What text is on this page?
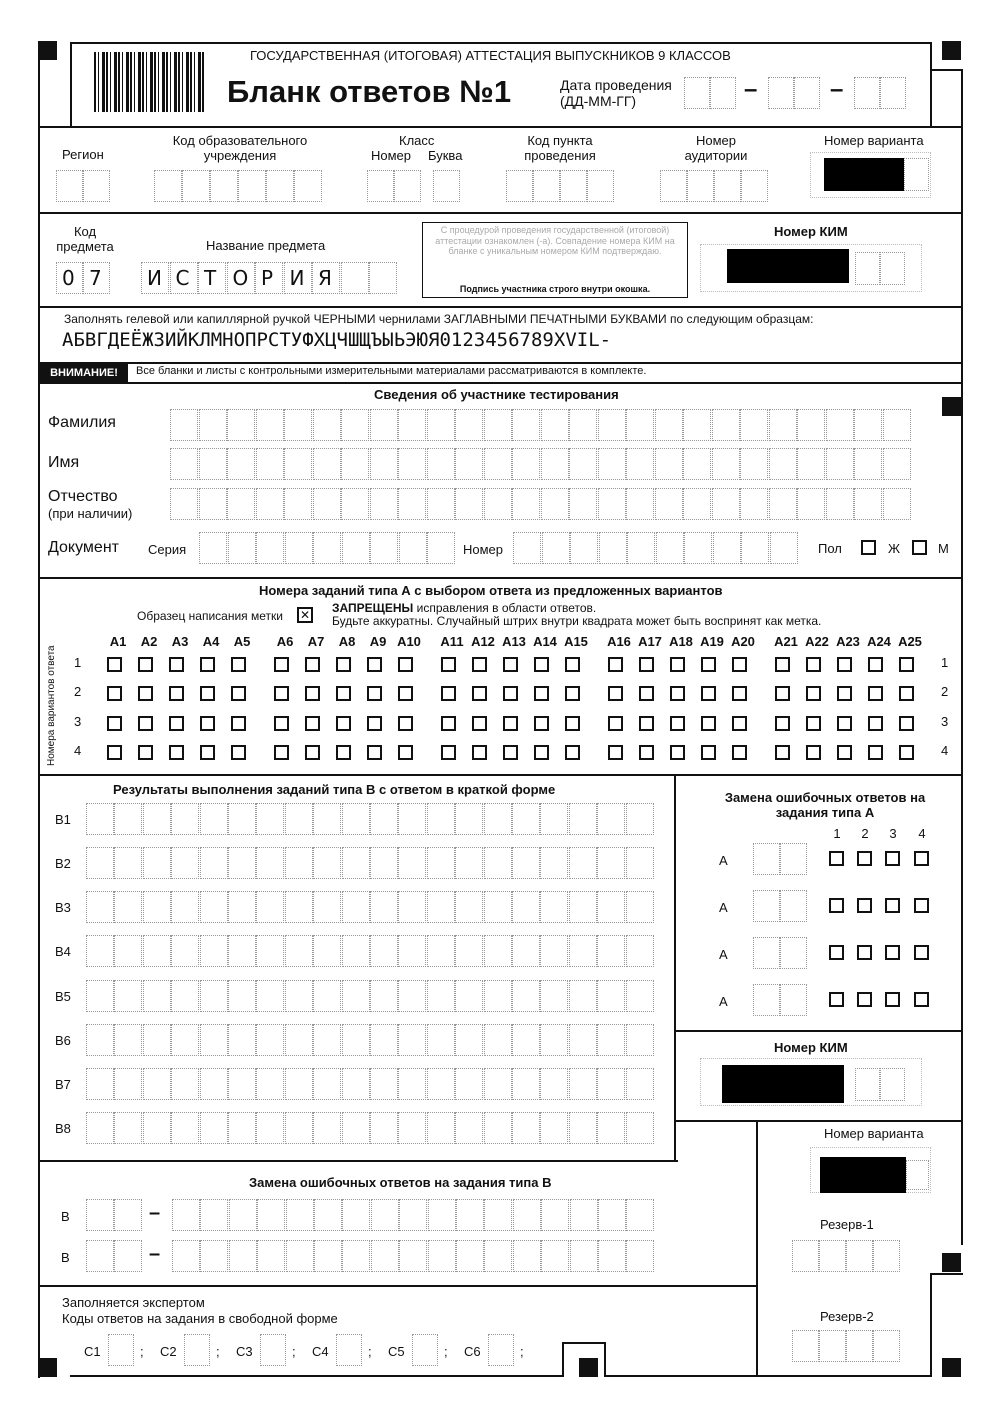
ГОСУДАРСТВЕННАЯ (ИТОГОВАЯ) АТТЕСТАЦИЯ ВЫПУСКНИКОВ 9 КЛАССОВ
Бланк ответов №1	Дата проведения
(ДД-ММ-ГГ)	–	–
Регион
Код образовательного учреждения
Класс
Номер Буква
Код пункта проведения
Номер аудитории
Номер варианта
Код предмета	Название предмета
0 7 И С Т О Р И Я
С процедурой проведения государственной (итоговой) аттестации ознакомлен (-а). Совпадение номера КИМ на бланке с уникальным номером КИМ подтверждаю.
Подпись участника строго внутри окошка.
Номер КИМ
Заполнять гелевой или капиллярной ручкой ЧЕРНЫМИ чернилами ЗАГЛАВНЫМИ ПЕЧАТНЫМИ БУКВАМИ по следующим образцам:
АБВГДЕЁЖЗИЙКЛМНОПРСТУФХЦЧШЩЪЫЬЭЮЯ0123456789XVIL-
ВНИМАНИЕ!	Все бланки и листы с контрольными измерительными материалами рассматриваются в комплекте.
Сведения об участнике тестирования
Фамилия
Имя
Отчество
(при наличии)
Документ Серия	Номер	Пол	Ж	М
Номера заданий типа А с выбором ответа из предложенных вариантов
Образец написания метки ✕ ЗАПРЕЩЕНЫ исправления в области ответов.
Будьте аккуратны. Случайный штрих внутри квадрата может быть воспринят как метка.
Номера вариантов ответа
A1	A2	A3	A4	A5	A6	A7	A8	A9 A10	A11 A12 A13 A14 A15	A16 A17 A18 A19 A20	A21 A22 A23 A24 A25
1	1
2	2
3	3
4	4
Результаты выполнения заданий типа В с ответом в краткой форме
B1
B2
B3
B4
B5
B6
B7
B8
Замена ошибочных ответов на задания типа А
1	2	3	4
А
А
А
А
Номер КИМ
Номер варианта
Резерв-1
Резерв-2
Замена ошибочных ответов на задания типа В
В	–
В	–
Заполняется экспертом
Коды ответов на задания в свободной форме
С1	; С2	; С3	; С4	; С5	; С6	;
